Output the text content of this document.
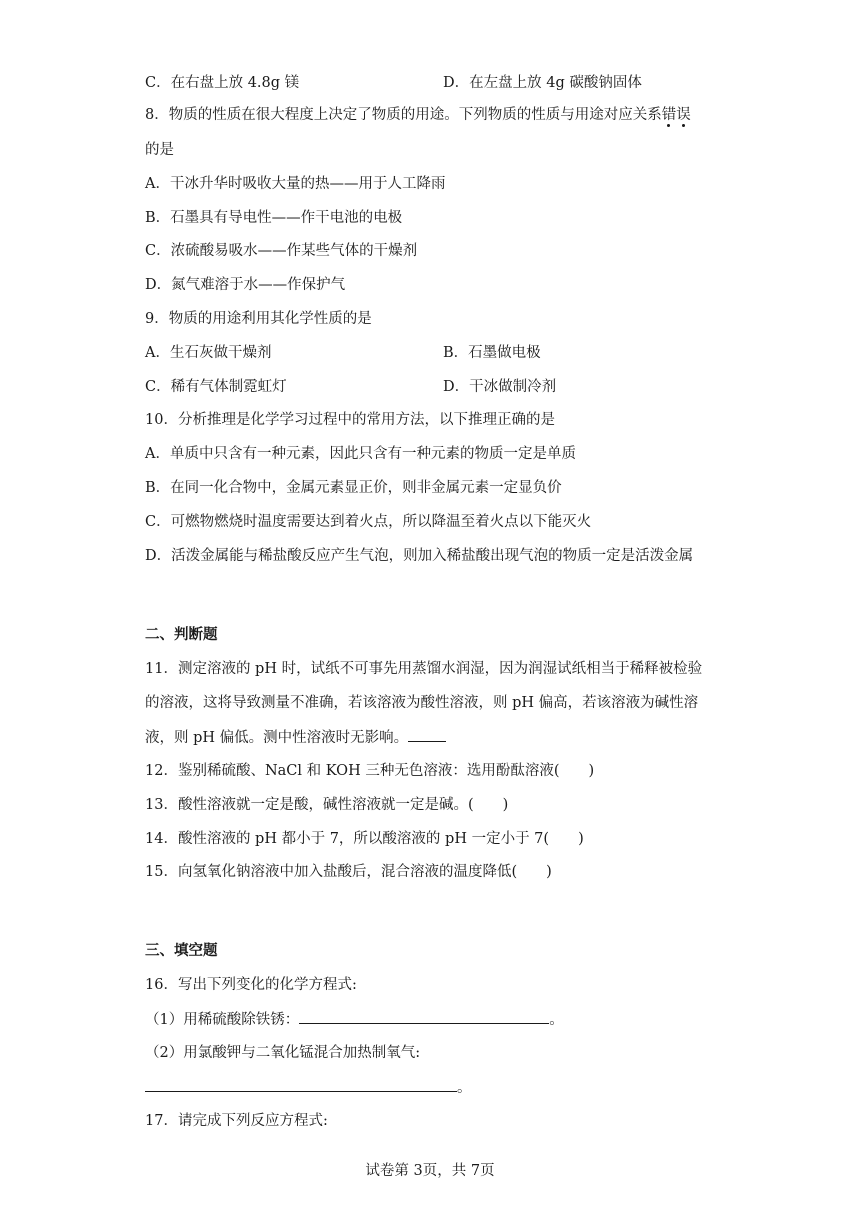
C．在右盘上放 4.8g 镁	D．在左盘上放 4g 碳酸钠固体
8．物质的性质在很大程度上决定了物质的用途。下列物质的性质与用途对应关系错误
的是
A．干冰升华时吸收大量的热——用于人工降雨
B．石墨具有导电性——作干电池的电极
C．浓硫酸易吸水——作某些气体的干燥剂
D．氮气难溶于水——作保护气
9．物质的用途利用其化学性质的是
A．生石灰做干燥剂	B．石墨做电极
C．稀有气体制霓虹灯	D．干冰做制冷剂
10．分析推理是化学学习过程中的常用方法，以下推理正确的是
A．单质中只含有一种元素，因此只含有一种元素的物质一定是单质
B．在同一化合物中，金属元素显正价，则非金属元素一定显负价
C．可燃物燃烧时温度需要达到着火点，所以降温至着火点以下能灭火
D．活泼金属能与稀盐酸反应产生气泡，则加入稀盐酸出现气泡的物质一定是活泼金属
二、判断题
11．测定溶液的 pH 时，试纸不可事先用蒸馏水润湿，因为润湿试纸相当于稀释被检验
的溶液，这将导致测量不准确，若该溶液为酸性溶液，则 pH 偏高，若该溶液为碱性溶
液，则 pH 偏低。测中性溶液时无影响。
12．鉴别稀硫酸、NaCl 和 KOH 三种无色溶液：选用酚酞溶液(　　)
13．酸性溶液就一定是酸，碱性溶液就一定是碱。(　　)
14．酸性溶液的 pH 都小于 7，所以酸溶液的 pH 一定小于 7(　　)
15．向氢氧化钠溶液中加入盐酸后，混合溶液的温度降低(　　)
三、填空题
16．写出下列变化的化学方程式:
（1）用稀硫酸除铁锈：	。
（2）用氯酸钾与二氧化锰混合加热制氧气:
。
17．请完成下列反应方程式:
试卷第 3页，共 7页
